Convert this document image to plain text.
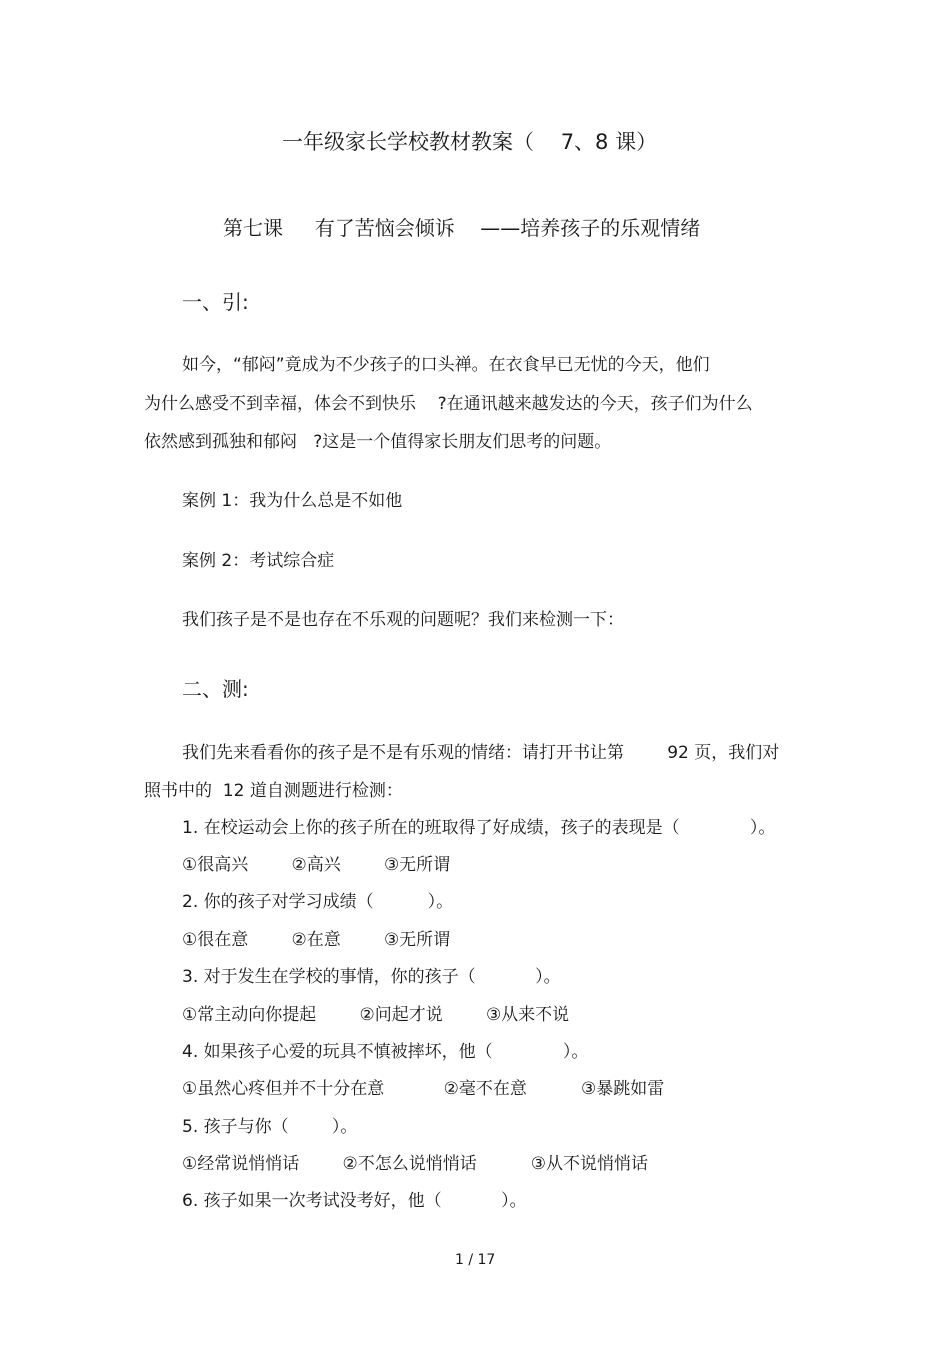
一年级家长学校教材教案（    7、8 课）
第七课     有了苦恼会倾诉    ——培养孩子的乐观情绪
一、引:
如今，“郁闷”竟成为不少孩子的口头禅。在衣食早已无忧的今天，他们
为什么感受不到幸福，体会不到快乐    ?在通讯越来越发达的今天，孩子们为什么
依然感到孤独和郁闷   ?这是一个值得家长朋友们思考的问题。
案例 1：我为什么总是不如他
案例 2：考试综合症
我们孩子是不是也存在不乐观的问题呢？我们来检测一下：
二、测:
我们先来看看你的孩子是不是有乐观的情绪：请打开书让第        92 页，我们对
照书中的  12 道自测题进行检测：
1. 在校运动会上你的孩子所在的班取得了好成绩，孩子的表现是（             ）。
①很高兴        ②高兴        ③无所谓
2. 你的孩子对学习成绩（          ）。
①很在意        ②在意        ③无所谓
3. 对于发生在学校的事情，你的孩子（           ）。
①常主动向你提起        ②问起才说        ③从来不说
4. 如果孩子心爱的玩具不慎被摔坏，他（             ）。
①虽然心疼但并不十分在意           ②毫不在意          ③暴跳如雷
5. 孩子与你（        ）。
①经常说悄悄话        ②不怎么说悄悄话          ③从不说悄悄话
6. 孩子如果一次考试没考好，他（           ）。
1 / 17
